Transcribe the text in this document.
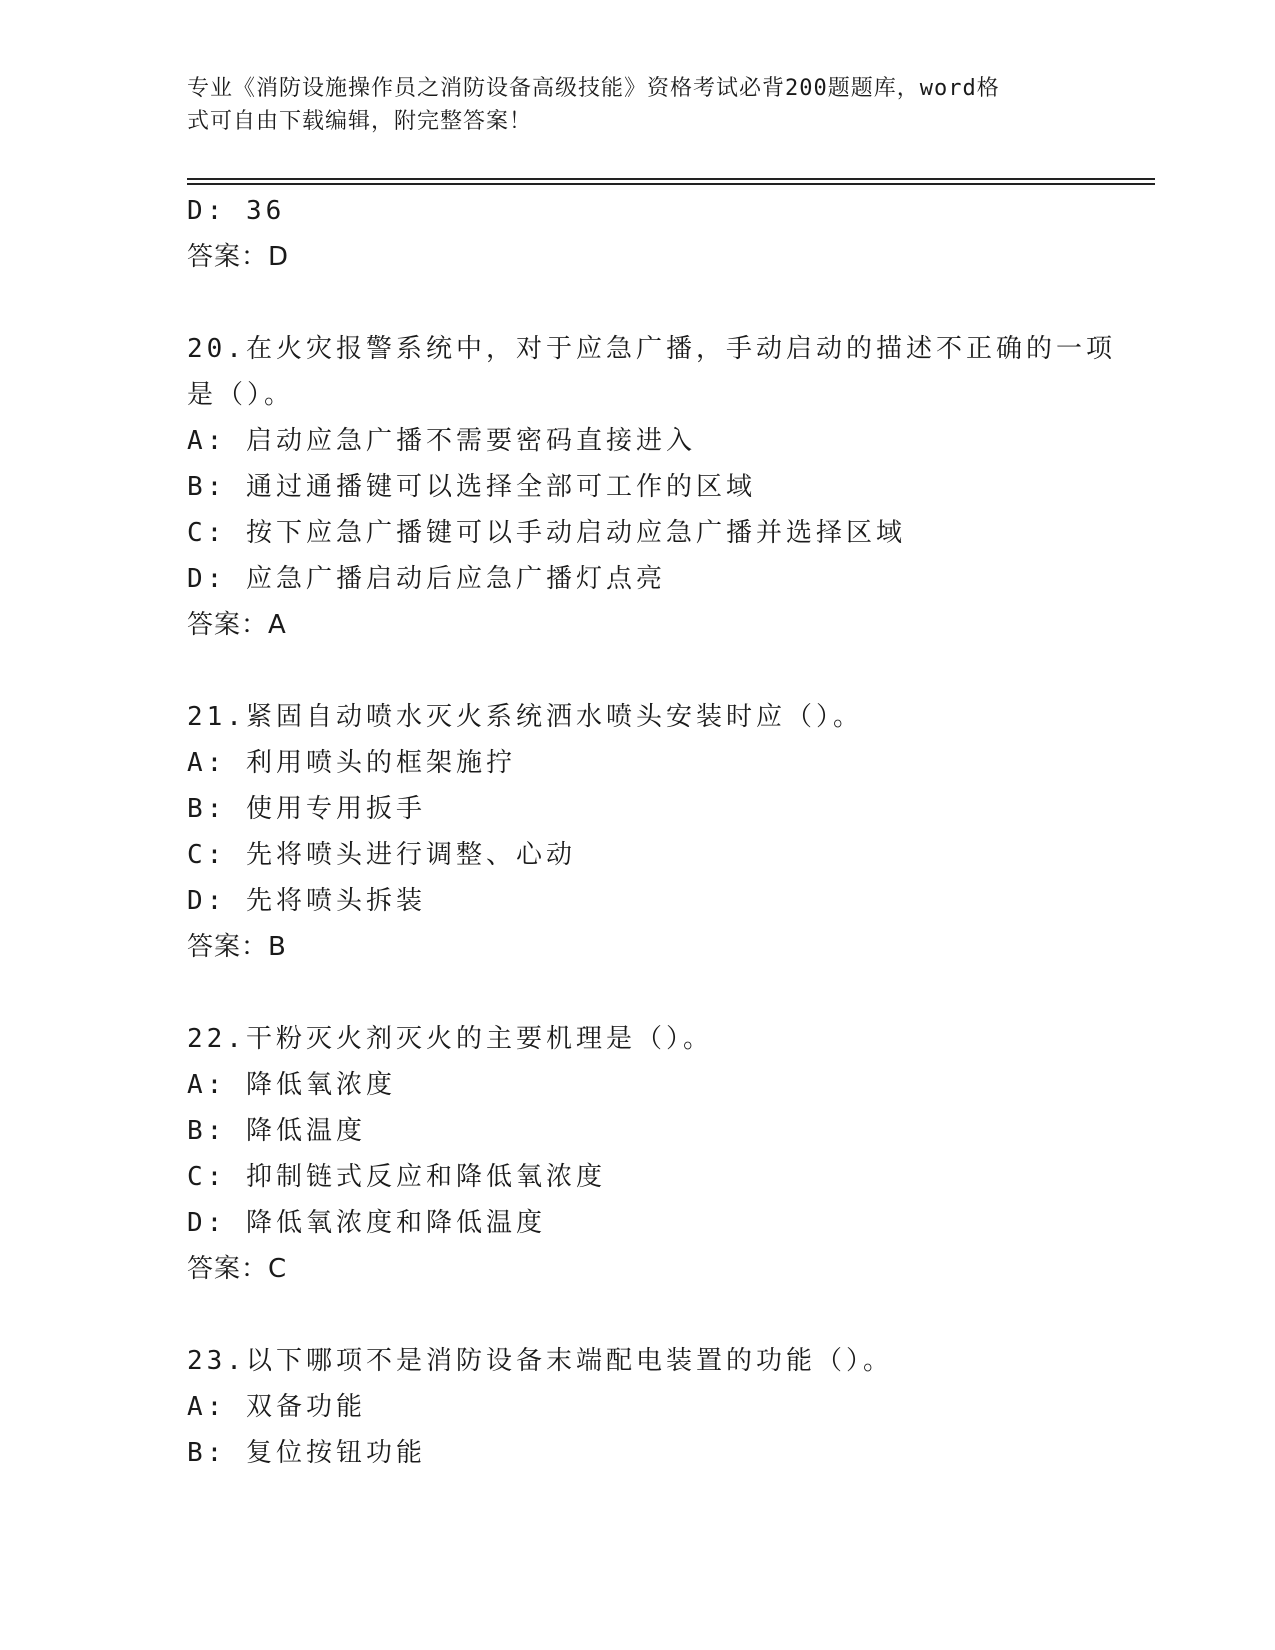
专业《消防设施操作员之消防设备高级技能》资格考试必背200题题库，word格
式可自由下载编辑，附完整答案！
D: 36
答案：D
20.在火灾报警系统中，对于应急广播，手动启动的描述不正确的一项
是（）。
A: 启动应急广播不需要密码直接进入
B: 通过通播键可以选择全部可工作的区域
C: 按下应急广播键可以手动启动应急广播并选择区域
D: 应急广播启动后应急广播灯点亮
答案：A
21.紧固自动喷水灭火系统洒水喷头安装时应（）。
A: 利用喷头的框架施拧
B: 使用专用扳手
C: 先将喷头进行调整、心动
D: 先将喷头拆装
答案：B
22.干粉灭火剂灭火的主要机理是（）。
A: 降低氧浓度
B: 降低温度
C: 抑制链式反应和降低氧浓度
D: 降低氧浓度和降低温度
答案：C
23.以下哪项不是消防设备末端配电装置的功能（）。
A: 双备功能
B: 复位按钮功能
